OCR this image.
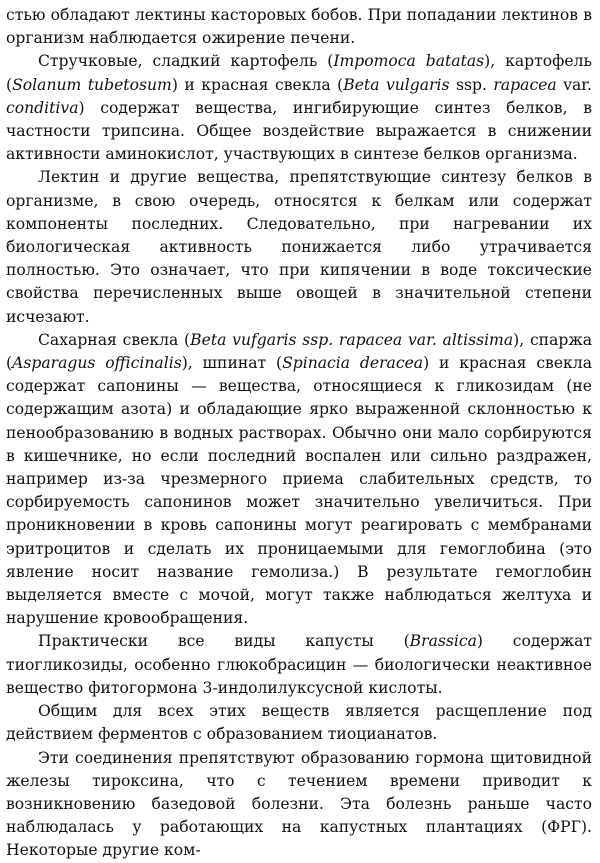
стью обладают лектины касторовых бобов. При попадании лектинов в организм наблюдается ожирение печени.

Стручковые, сладкий картофель (Impomoca batatas), картофель (Solanum tubetosum) и красная свекла (Beta vulgaris ssp. rapacea var. conditiva) содержат вещества, ингибирующие синтез белков, в частности трипсина. Общее воздействие выражается в снижении активности аминокислот, участвующих в синтезе белков организма.

Лектин и другие вещества, препятствующие синтезу белков в организме, в свою очередь, относятся к белкам или содержат компоненты последних. Следовательно, при нагревании их биологическая активность понижается либо утрачивается полностью. Это означает, что при кипячении в воде токсические свойства перечисленных выше овощей в значительной степени исчезают.

Сахарная свекла (Beta vufgaris ssp. rapacea var. altissima), спаржа (Asparagus officinalis), шпинат (Spinacia deracea) и красная свекла содержат сапонины — вещества, относящиеся к гликозидам (не содержащим азота) и обладающие ярко выраженной склонностью к пенообразованию в водных растворах. Обычно они мало сорбируются в кишечнике, но если последний воспален или сильно раздражен, например из-за чрезмерного приема слабительных средств, то сорбируемость сапонинов может значительно увеличиться. При проникновении в кровь сапонины могут реагировать с мембранами эритроцитов и сделать их проницаемыми для гемоглобина (это явление носит название гемолиза.) В результате гемоглобин выделяется вместе с мочой, могут также наблюдаться желтуха и нарушение кровообращения.

Практически все виды капусты (Brassica) содержат тиогликозиды, особенно глюкобрасицин — биологически неактивное вещество фитогормона 3-индолилуксусной кислоты.

Общим для всех этих веществ является расщепление под действием ферментов с образованием тиоцианатов.

Эти соединения препятствуют образованию гормона щитовидной железы тироксина, что с течением времени приводит к возникновению базедовой болезни. Эта болезнь раньше часто наблюдалась у работающих на капустных плантациях (ФРГ). Некоторые другие ком-
